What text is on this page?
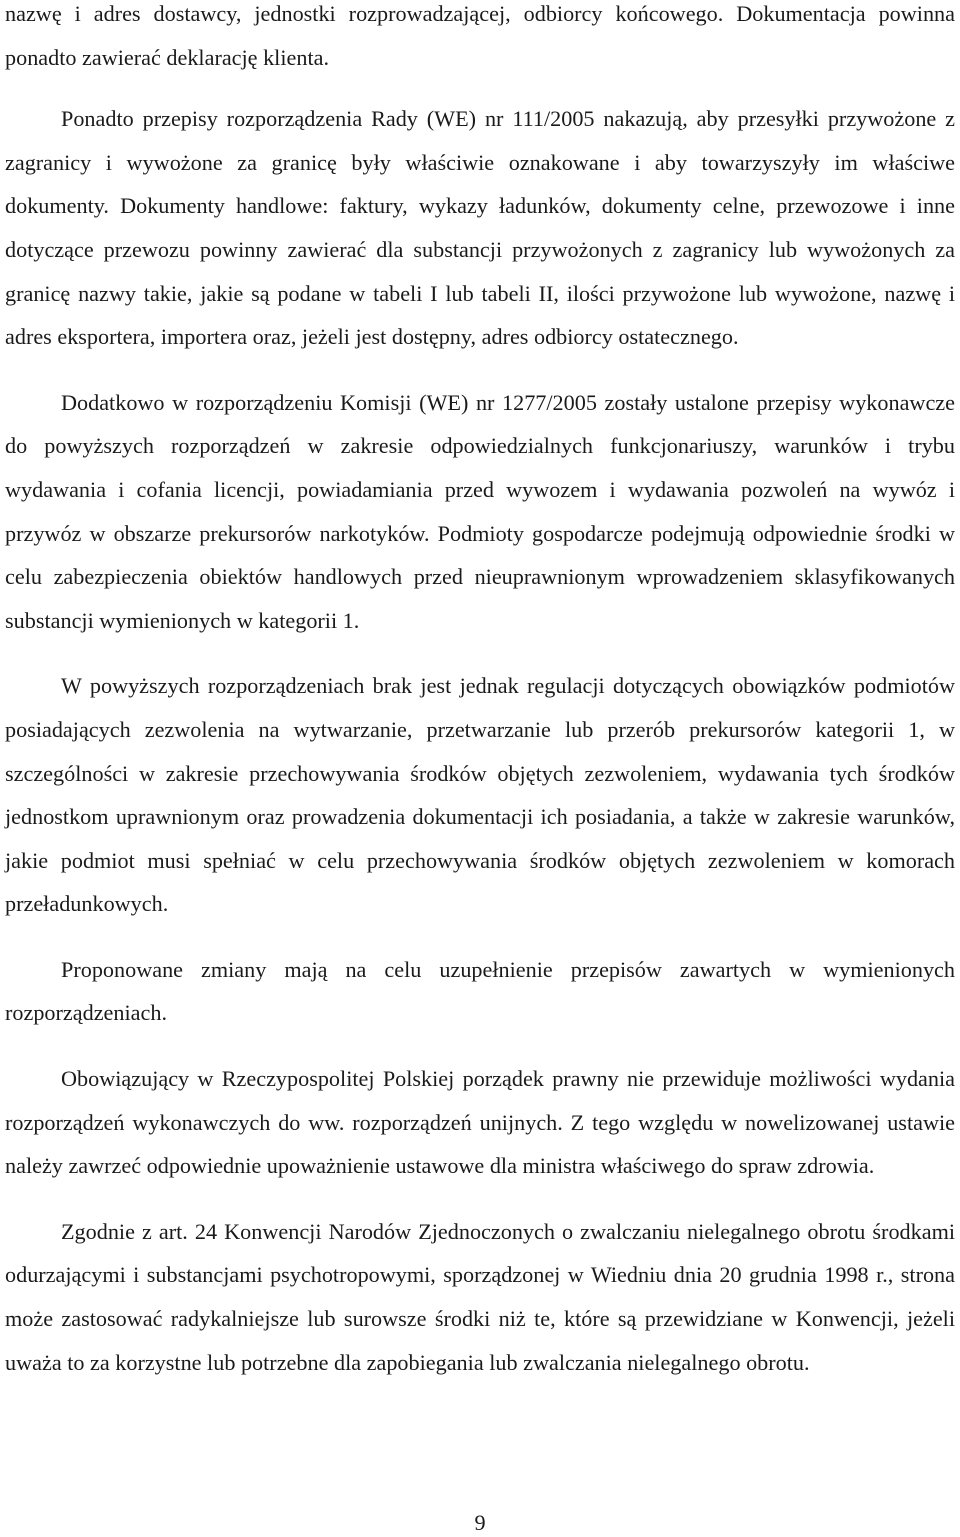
nazwę i adres dostawcy, jednostki rozprowadzającej, odbiorcy końcowego. Dokumentacja powinna ponadto zawierać deklarację klienta.

Ponadto przepisy rozporządzenia Rady (WE) nr 111/2005 nakazują, aby przesyłki przywożone z zagranicy i wywożone za granicę były właściwie oznakowane i aby towarzyszyły im właściwe dokumenty. Dokumenty handlowe: faktury, wykazy ładunków, dokumenty celne, przewozowe i inne dotyczące przewozu powinny zawierać dla substancji przywożonych z zagranicy lub wywożonych za granicę nazwy takie, jakie są podane w tabeli I lub tabeli II, ilości przywożone lub wywożone, nazwę i adres eksportera, importera oraz, jeżeli jest dostępny, adres odbiorcy ostatecznego.

Dodatkowo w rozporządzeniu Komisji (WE) nr 1277/2005 zostały ustalone przepisy wykonawcze do powyższych rozporządzeń w zakresie odpowiedzialnych funkcjonariuszy, warunków i trybu wydawania i cofania licencji, powiadamiania przed wywozem i wydawania pozwoleń na wywóz i przywóz w obszarze prekursorów narkotyków. Podmioty gospodarcze podejmują odpowiednie środki w celu zabezpieczenia obiektów handlowych przed nieuprawnionym wprowadzeniem sklasyfikowanych substancji wymienionych w kategorii 1.

W powyższych rozporządzeniach brak jest jednak regulacji dotyczących obowiązków podmiotów posiadających zezwolenia na wytwarzanie, przetwarzanie lub przerób prekursorów kategorii 1, w szczególności w zakresie przechowywania środków objętych zezwoleniem, wydawania tych środków jednostkom uprawnionym oraz prowadzenia dokumentacji ich posiadania, a także w zakresie warunków, jakie podmiot musi spełniać w celu przechowywania środków objętych zezwoleniem w komorach przeładunkowych.

Proponowane zmiany mają na celu uzupełnienie przepisów zawartych w wymienionych rozporządzeniach.

Obowiązujący w Rzeczypospolitej Polskiej porządek prawny nie przewiduje możliwości wydania rozporządzeń wykonawczych do ww. rozporządzeń unijnych. Z tego względu w nowelizowanej ustawie należy zawrzeć odpowiednie upoważnienie ustawowe dla ministra właściwego do spraw zdrowia.

Zgodnie z art. 24 Konwencji Narodów Zjednoczonych o zwalczaniu nielegalnego obrotu środkami odurzającymi i substancjami psychotropowymi, sporządzonej w Wiedniu dnia 20 grudnia 1998 r., strona może zastosować radykalniejsze lub surowsze środki niż te, które są przewidziane w Konwencji, jeżeli uważa to za korzystne lub potrzebne dla zapobiegania lub zwalczania nielegalnego obrotu.

9
